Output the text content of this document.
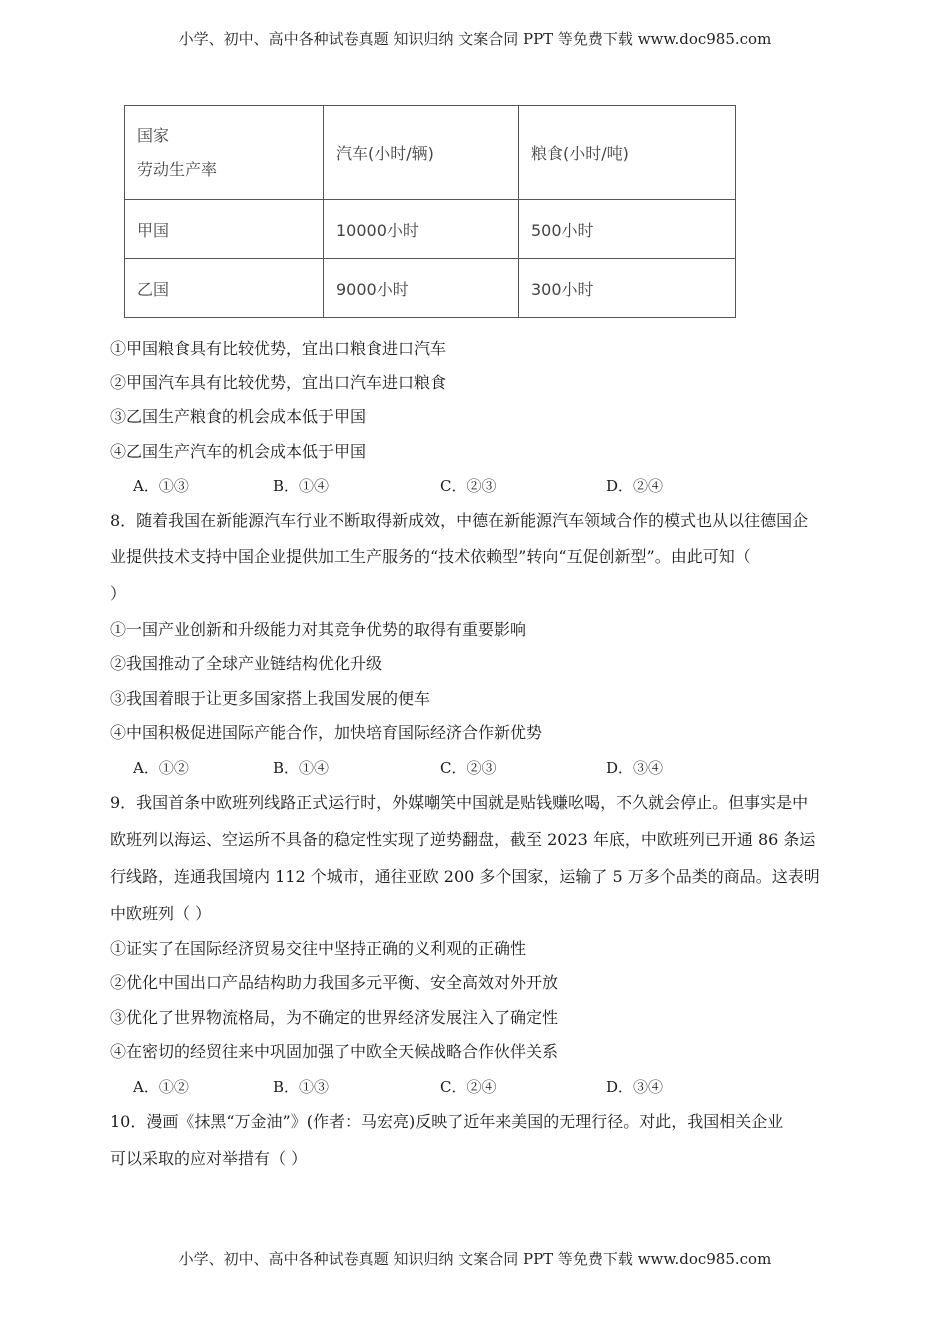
小学、初中、高中各种试卷真题 知识归纳 文案合同 PPT 等免费下载 www.doc985.com
国家
劳动生产率	汽车(小时/辆)	粮食(小时/吨)
甲国	10000小时	500小时
乙国	9000小时	300小时
①甲国粮食具有比较优势，宜出口粮食进口汽车
②甲国汽车具有比较优势，宜出口汽车进口粮食
③乙国生产粮食的机会成本低于甲国
④乙国生产汽车的机会成本低于甲国
A．①③	B．①④	C．②③	D．②④
8．随着我国在新能源汽车行业不断取得新成效，中德在新能源汽车领域合作的模式也从以往德国企
业提供技术支持中国企业提供加工生产服务的“技术依赖型”转向“互促创新型”。由此可知（
）
①一国产业创新和升级能力对其竞争优势的取得有重要影响
②我国推动了全球产业链结构优化升级
③我国着眼于让更多国家搭上我国发展的便车
④中国积极促进国际产能合作，加快培育国际经济合作新优势
A．①②	B．①④	C．②③	D．③④
9．我国首条中欧班列线路正式运行时，外媒嘲笑中国就是贴钱赚吆喝，不久就会停止。但事实是中
欧班列以海运、空运所不具备的稳定性实现了逆势翻盘，截至 2023 年底，中欧班列已开通 86 条运
行线路，连通我国境内 112 个城市，通往亚欧 200 多个国家，运输了 5 万多个品类的商品。这表明
中欧班列（ ）
①证实了在国际经济贸易交往中坚持正确的义利观的正确性
②优化中国出口产品结构助力我国多元平衡、安全高效对外开放
③优化了世界物流格局，为不确定的世界经济发展注入了确定性
④在密切的经贸往来中巩固加强了中欧全天候战略合作伙伴关系
A．①②	B．①③	C．②④	D．③④
10．漫画《抹黑“万金油”》(作者：马宏亮)反映了近年来美国的无理行径。对此，我国相关企业
可以采取的应对举措有（ ）
小学、初中、高中各种试卷真题 知识归纳 文案合同 PPT 等免费下载 www.doc985.com
